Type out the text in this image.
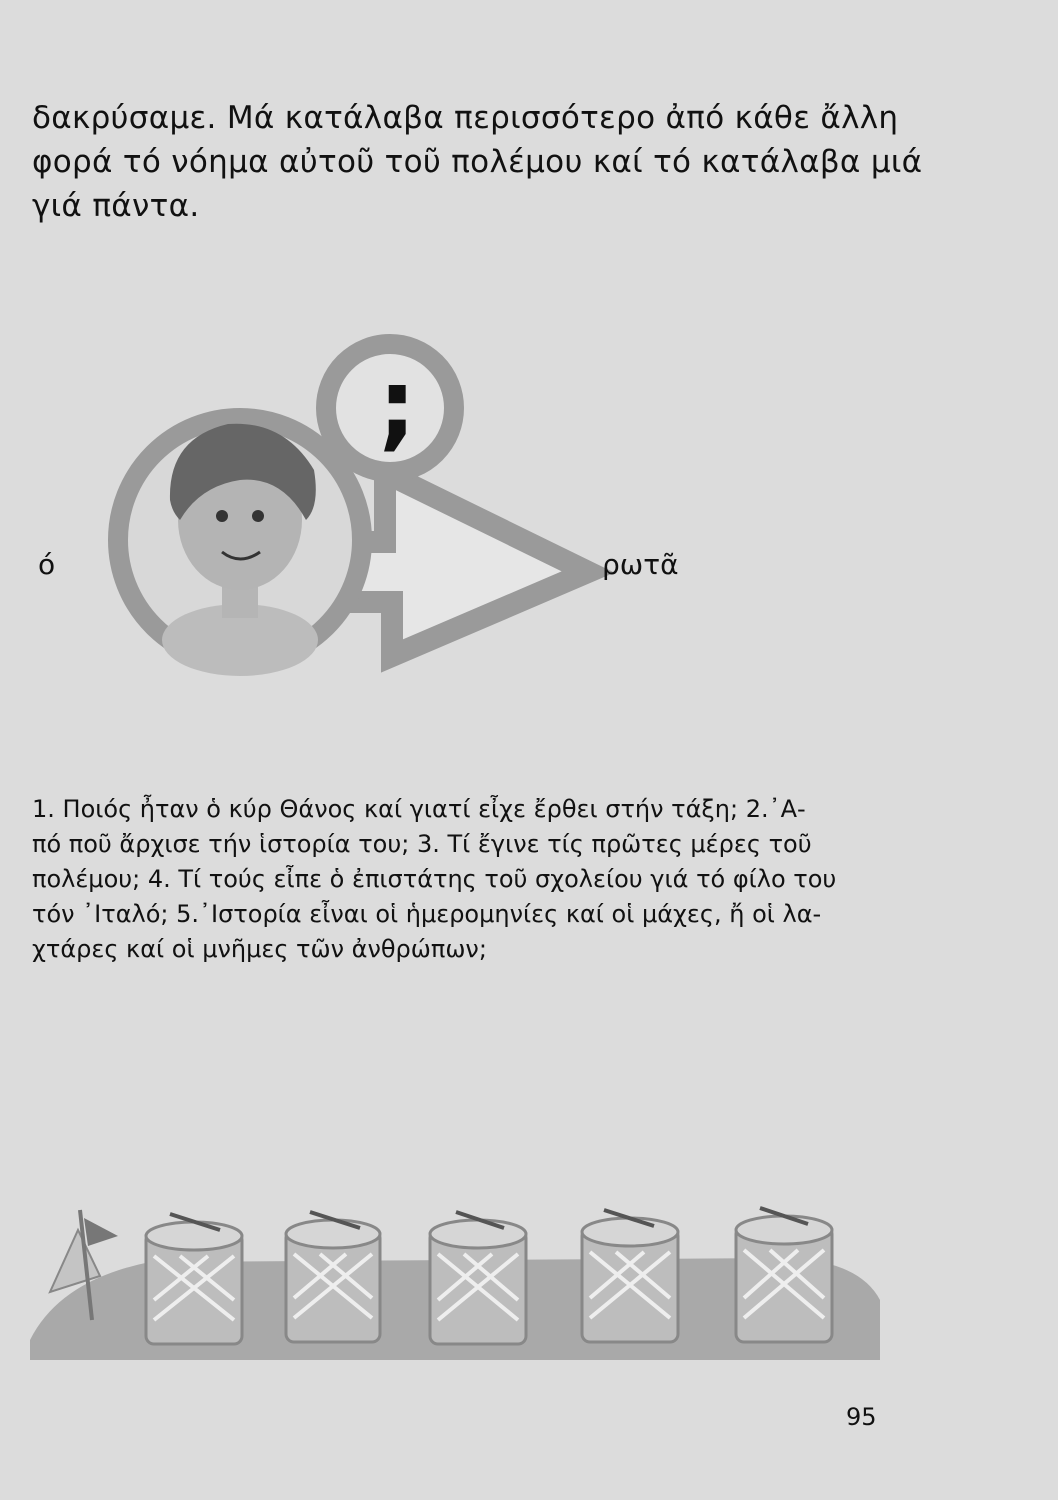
δακρύσαμε. Μά κατάλαβα περισσότερο ἀπό κάθε ἄλλη
φορά τό νόημα αὐτοῦ τοῦ πολέμου καί τό κατάλαβα μιά
γιά πάντα.

;
ό	ρωτᾶ

1. Ποιός ἦταν ὁ κύρ Θάνος καί γιατί εἶχε ἔρθει στήν τάξη; 2.᾿Α-
πό ποῦ ἄρχισε τήν ἱστορία του; 3. Τί ἔγινε τίς πρῶτες μέρες τοῦ
πολέμου; 4. Τί τούς εἶπε ὁ ἐπιστάτης τοῦ σχολείου γιά τό φίλο του
τόν ᾿Ιταλό; 5.᾿Ιστορία εἶναι οἱ ἡμερομηνίες καί οἱ μάχες, ἤ οἱ λα-
χτάρες καί οἱ μνῆμες τῶν ἀνθρώπων;

95
